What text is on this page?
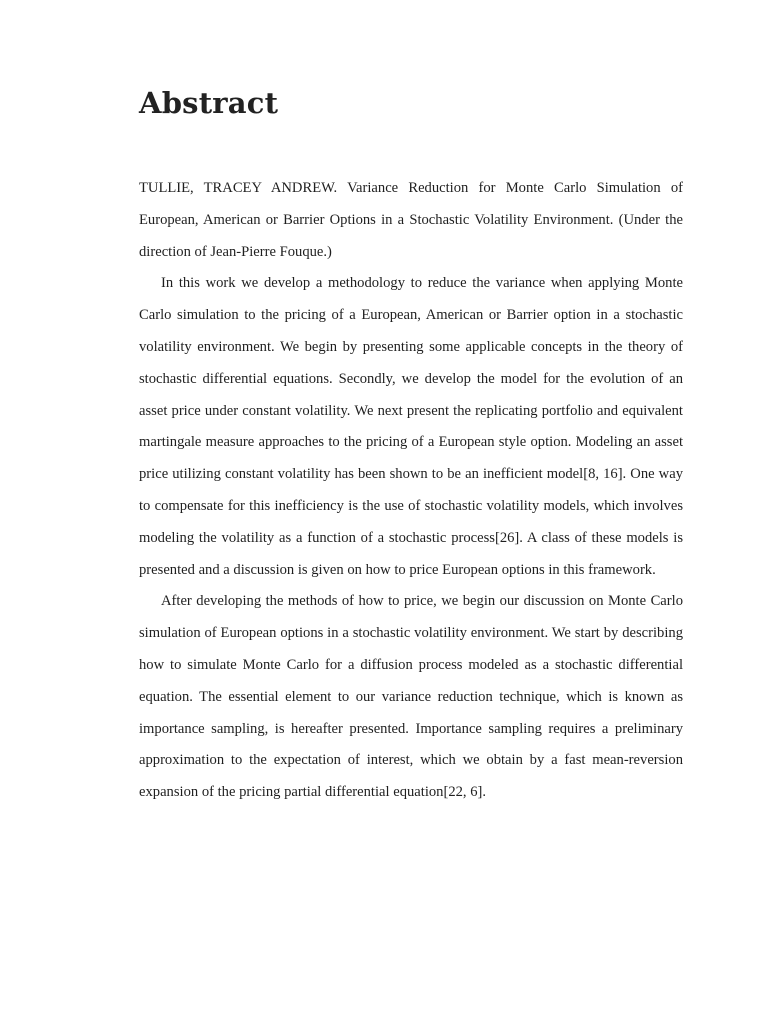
Abstract

TULLIE, TRACEY ANDREW. Variance Reduction for Monte Carlo Simulation of European, American or Barrier Options in a Stochastic Volatility Environment. (Under the direction of Jean-Pierre Fouque.)

In this work we develop a methodology to reduce the variance when applying Monte Carlo simulation to the pricing of a European, American or Barrier option in a stochastic volatility environment. We begin by presenting some applicable concepts in the theory of stochastic differential equations. Secondly, we develop the model for the evolution of an asset price under constant volatility. We next present the replicating portfolio and equivalent martingale measure approaches to the pricing of a European style option. Modeling an asset price utilizing constant volatility has been shown to be an inefficient model[8, 16]. One way to compensate for this inefficiency is the use of stochastic volatility models, which involves modeling the volatility as a function of a stochastic process[26]. A class of these models is presented and a discussion is given on how to price European options in this framework.

After developing the methods of how to price, we begin our discussion on Monte Carlo simulation of European options in a stochastic volatility environment. We start by describing how to simulate Monte Carlo for a diffusion process modeled as a stochastic differential equation. The essential element to our variance reduction technique, which is known as importance sampling, is hereafter presented. Importance sampling requires a preliminary approximation to the expectation of interest, which we obtain by a fast mean-reversion expansion of the pricing partial differential equation[22, 6].
